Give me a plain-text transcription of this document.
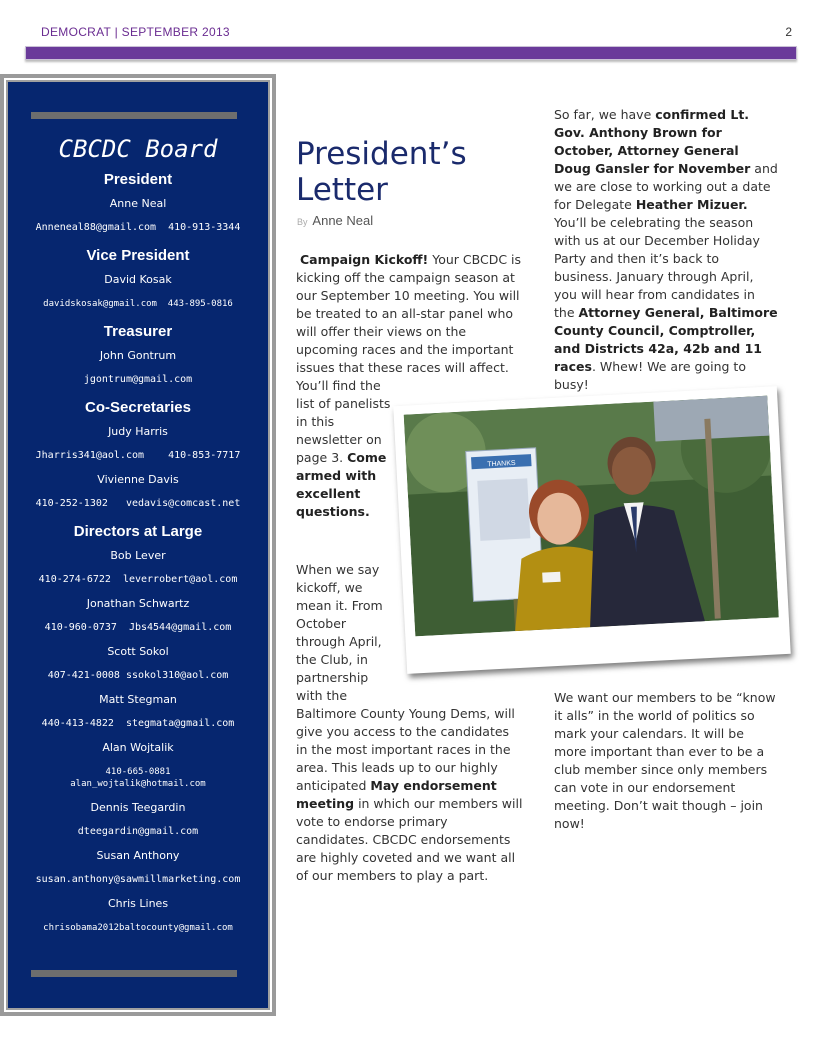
DEMOCRAT | SEPTEMBER 2013	2
CBCDC Board
President
Anne Neal
Anneneal88@gmail.com  410-913-3344
Vice President
David Kosak
davidskosak@gmail.com  443-895-0816
Treasurer
John Gontrum
jgontrum@gmail.com
Co-Secretaries
Judy Harris
Jharris341@aol.com    410-853-7717
Vivienne Davis
410-252-1302   vedavis@comcast.net
Directors at Large
Bob Lever
410-274-6722  leverrobert@aol.com
Jonathan Schwartz
410-960-0737  Jbs4544@gmail.com
Scott Sokol
407-421-0008 ssokol310@aol.com
Matt Stegman
440-413-4822  stegmata@gmail.com
Alan Wojtalik
410-665-0881
alan_wojtalik@hotmail.com
Dennis Teegardin
dteegardin@gmail.com
Susan Anthony
susan.anthony@sawmillmarketing.com
Chris Lines
chrisobama2012baltocounty@gmail.com
President’s
Letter
By Anne Neal
Campaign Kickoff! Your CBCDC is kicking off the campaign season at our September 10 meeting. You will be treated to an all-star panel who will offer their views on the upcoming races and the important issues that these races will affect.
You’ll find the list of panelists in this newsletter on page 3. Come armed with excellent questions.
When we say kickoff, we mean it. From October through April, the Club, in partnership with the
Baltimore County Young Dems, will give you access to the candidates in the most important races in the area. This leads up to our highly anticipated May endorsement meeting in which our members will vote to endorse primary candidates. CBCDC endorsements are highly coveted and we want all of our members to play a part.
So far, we have confirmed Lt. Gov. Anthony Brown for October, Attorney General Doug Gansler for November and we are close to working out a date for Delegate Heather Mizuer. You’ll be celebrating the season with us at our December Holiday Party and then it’s back to business. January through April, you will hear from candidates in the Attorney General, Baltimore County Council, Comptroller, and Districts 42a, 42b and 11 races. Whew! We are going to busy!
We want our members to be “know it alls” in the world of politics so mark your calendars. It will be more important than ever to be a club member since only members can vote in our endorsement meeting. Don’t wait though – join now!
THANKS
